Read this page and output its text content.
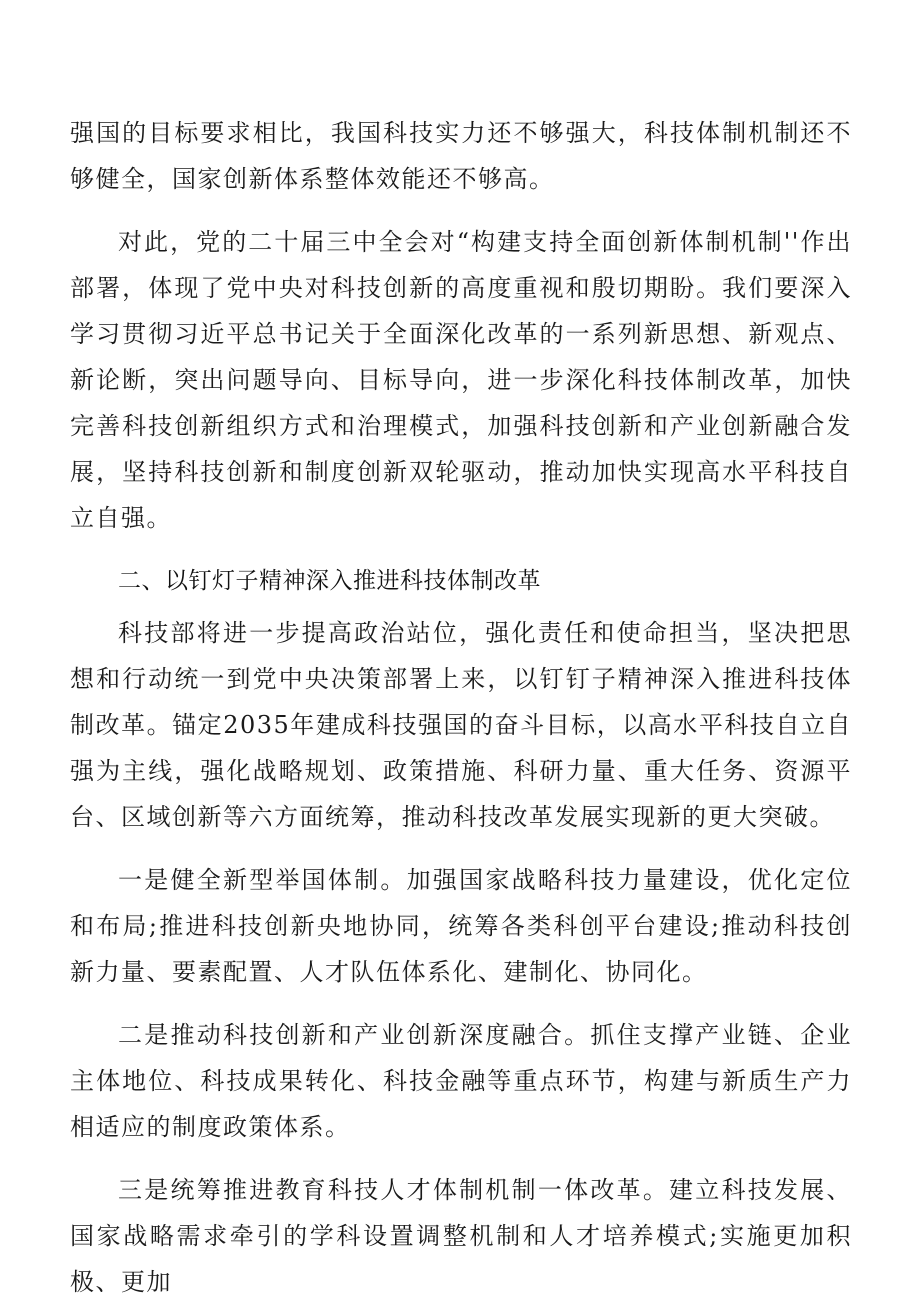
强国的目标要求相比，我国科技实力还不够强大，科技体制机制还不够健全，国家创新体系整体效能还不够高。

对此，党的二十届三中全会对“构建支持全面创新体制机制''作出部署，体现了党中央对科技创新的高度重视和殷切期盼。我们要深入学习贯彻习近平总书记关于全面深化改革的一系列新思想、新观点、新论断，突出问题导向、目标导向，进一步深化科技体制改革，加快完善科技创新组织方式和治理模式，加强科技创新和产业创新融合发展，坚持科技创新和制度创新双轮驱动，推动加快实现高水平科技自立自强。

二、以钉灯子精神深入推进科技体制改革

科技部将进一步提高政治站位，强化责任和使命担当，坚决把思想和行动统一到党中央决策部署上来，以钉钉子精神深入推进科技体制改革。锚定2035年建成科技强国的奋斗目标，以高水平科技自立自强为主线，强化战略规划、政策措施、科研力量、重大任务、资源平台、区域创新等六方面统筹，推动科技改革发展实现新的更大突破。

一是健全新型举国体制。加强国家战略科技力量建设，优化定位和布局;推进科技创新央地协同，统筹各类科创平台建设;推动科技创新力量、要素配置、人才队伍体系化、建制化、协同化。

二是推动科技创新和产业创新深度融合。抓住支撑产业链、企业主体地位、科技成果转化、科技金融等重点环节，构建与新质生产力相适应的制度政策体系。

三是统筹推进教育科技人才体制机制一体改革。建立科技发展、国家战略需求牵引的学科设置调整机制和人才培养模式;实施更加积极、更加
